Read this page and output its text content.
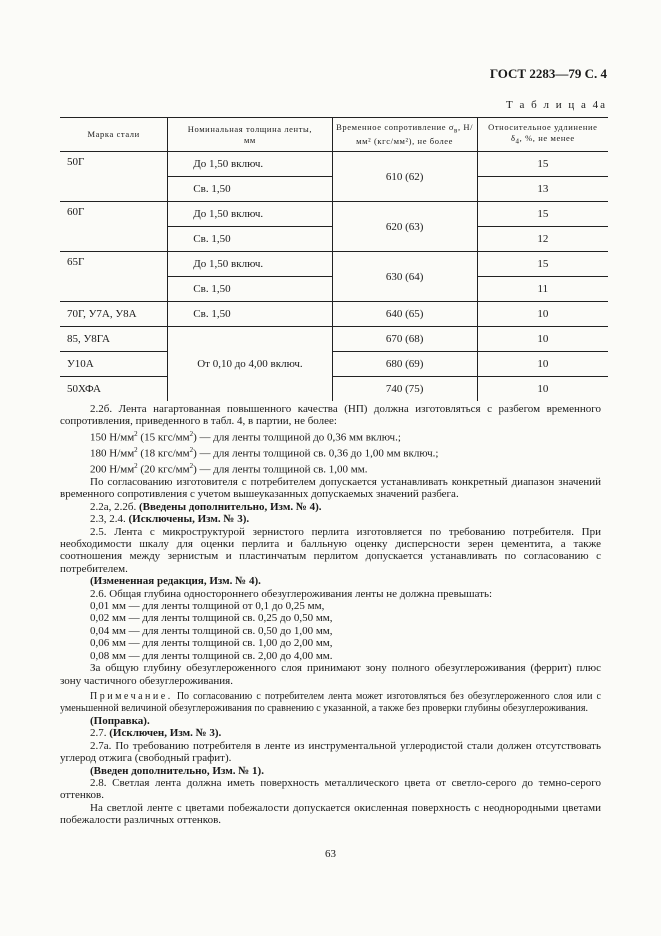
ГОСТ 2283—79 С. 4
Т а б л и ц а 4а
Марка стали	Номинальная толщина ленты, мм	Временное сопротивление $\sigma_в$, Н/мм² (кгс/мм²), не более	Относительное удлинение
$\delta_4$, %, не менее
50Г	До 1,50 включ.	610 (62)	15
	Св. 1,50		13
60Г	До 1,50 включ.	620 (63)	15
	Св. 1,50		12
65Г	До 1,50 включ.	630 (64)	15
	Св. 1,50		11
70Г, У7А, У8А	Св. 1,50	640 (65)	10
85, У8ГА	От 0,10 до 4,00 включ.	670 (68)	10
У10А		680 (69)	10
50ХФА		740 (75)	10

2.2б. Лента нагартованная повышенного качества (НП) должна изготовляться с разбегом временного сопротивления, приведенного в табл. 4, в партии, не более:

150 $Н/мм^2$ (15 кгс/$мм^2$) — для ленты толщиной до 0,36 мм включ.;

180 $Н/мм^2$ (18 кгс/$мм^2$) — для ленты толщиной св. 0,36 до 1,00 мм включ.;

200 $Н/мм^2$ (20 кгс/$мм^2$) — для ленты толщиной св. 1,00 мм.

По согласованию изготовителя с потребителем допускается устанавливать конкретный диапазон значений временного сопротивления с учетом вышеуказанных допускаемых значений разбега.

2.2а, 2.2б. (Введены дополнительно, Изм. № 4).

2.3, 2.4. (Исключены, Изм. № 3).

2.5. Лента с микроструктурой зернистого перлита изготовляется по требованию потребителя. При необходимости шкалу для оценки перлита и балльную оценку дисперсности зерен цементита, а также соотношения между зернистым и пластинчатым перлитом допускается устанавливать по согласованию с потребителем.

(Измененная редакция, Изм. № 4).

2.6. Общая глубина одностороннего обезуглероживания ленты не должна превышать:

0,01 мм — для ленты толщиной от 0,1 до 0,25 мм,

0,02 мм — для ленты толщиной св. 0,25 до 0,50 мм,

0,04 мм — для ленты толщиной св. 0,50 до 1,00 мм,

0,06 мм — для ленты толщиной св. 1,00 до 2,00 мм,

0,08 мм — для ленты толщиной св. 2,00 до 4,00 мм.

За общую глубину обезуглероженного слоя принимают зону полного обезуглероживания (феррит) плюс зону частичного обезуглероживания.

Примечание. По согласованию с потребителем лента может изготовляться без обезуглероженного слоя или с уменьшенной величиной обезуглероживания по сравнению с указанной, а также без проверки глубины обезуглероживания.

(Поправка).

2.7. (Исключен, Изм. № 3).

2.7а. По требованию потребителя в ленте из инструментальной углеродистой стали должен отсутствовать углерод отжига (свободный графит).

(Введен дополнительно, Изм. № 1).

2.8. Светлая лента должна иметь поверхность металлического цвета от светло-серого до темно-серого оттенков.

На светлой ленте с цветами побежалости допускается окисленная поверхность с неоднородными цветами побежалости различных оттенков.

63
